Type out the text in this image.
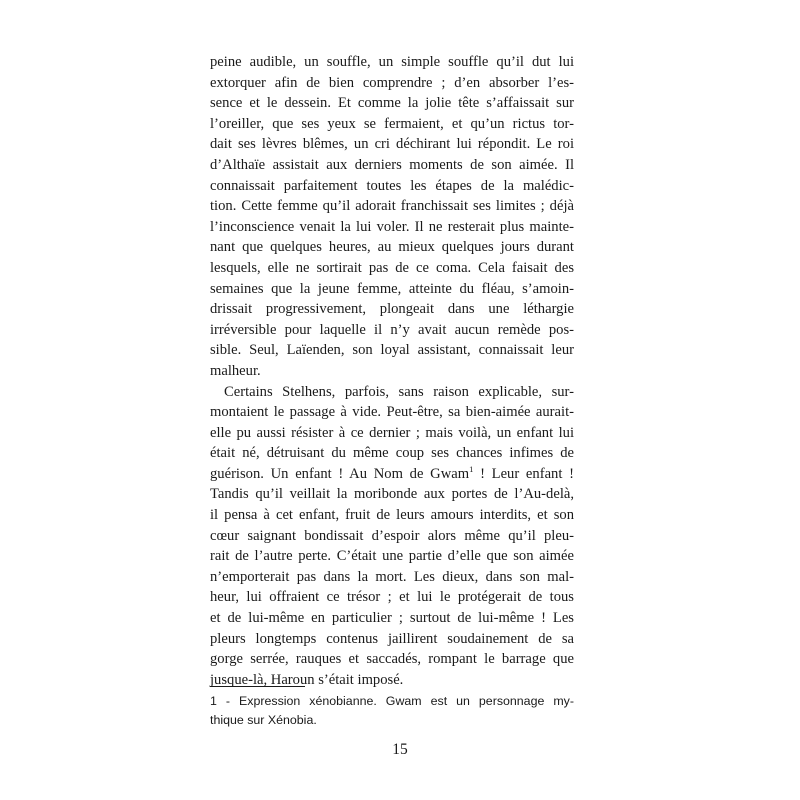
peine audible, un souffle, un simple souffle qu’il dut lui
extorquer afin de bien comprendre ; d’en absorber l’es-
sence et le dessein. Et comme la jolie tête s’affaissait sur
l’oreiller, que ses yeux se fermaient, et qu’un rictus tor-
dait ses lèvres blêmes, un cri déchirant lui répondit. Le roi
d’Althaïe assistait aux derniers moments de son aimée. Il
connaissait parfaitement toutes les étapes de la malédic-
tion. Cette femme qu’il adorait franchissait ses limites ; déjà
l’inconscience venait la lui voler. Il ne resterait plus mainte-
nant que quelques heures, au mieux quelques jours durant
lesquels, elle ne sortirait pas de ce coma. Cela faisait des
semaines que la jeune femme, atteinte du fléau, s’amoin-
drissait progressivement, plongeait dans une léthargie
irréversible pour laquelle il n’y avait aucun remède pos-
sible. Seul, Laïenden, son loyal assistant, connaissait leur
malheur.
Certains Stelhens, parfois, sans raison explicable, sur-
montaient le passage à vide. Peut-être, sa bien-aimée aurait-
elle pu aussi résister à ce dernier ; mais voilà, un enfant lui
était né, détruisant du même coup ses chances infimes de
guérison. Un enfant ! Au Nom de Gwam$^1$ ! Leur enfant !
Tandis qu’il veillait la moribonde aux portes de l’Au-delà,
il pensa à cet enfant, fruit de leurs amours interdits, et son
cœur saignant bondissait d’espoir alors même qu’il pleu-
rait de l’autre perte. C’était une partie d’elle que son aimée
n’emporterait pas dans la mort. Les dieux, dans son mal-
heur, lui offraient ce trésor ; et lui le protégerait de tous
et de lui-même en particulier ; surtout de lui-même ! Les
pleurs longtemps contenus jaillirent soudainement de sa
gorge serrée, rauques et saccadés, rompant le barrage que
jusque-là, Haroun s’était imposé.
1 - Expression xénobianne. Gwam est un personnage my-
thique sur Xénobia.
15
